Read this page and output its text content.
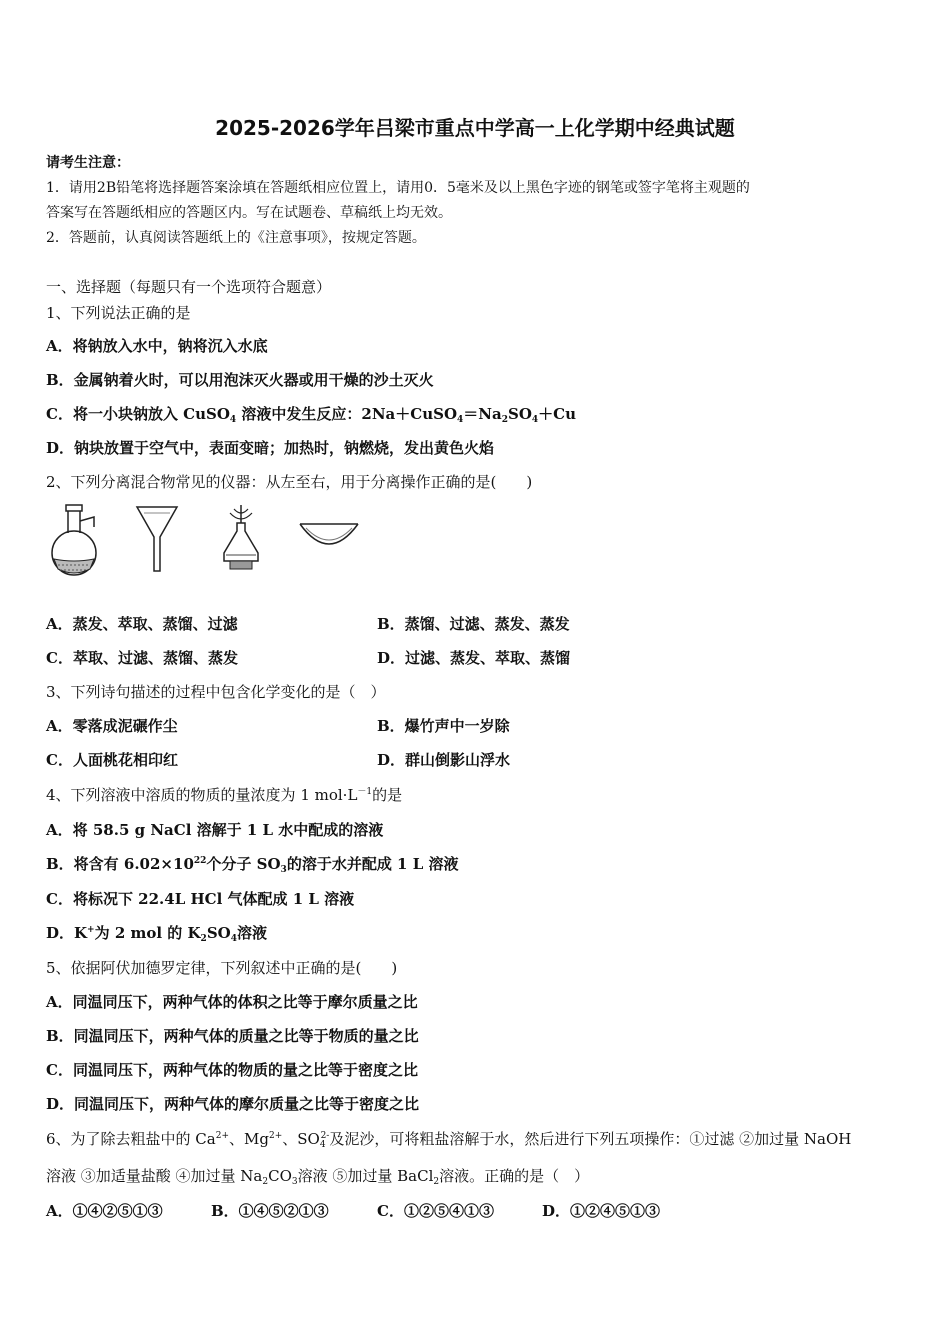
2025-2026学年吕梁市重点中学高一上化学期中经典试题
请考生注意：
1．请用2B铅笔将选择题答案涂填在答题纸相应位置上，请用0．5毫米及以上黑色字迹的钢笔或签字笔将主观题的
答案写在答题纸相应的答题区内。写在试题卷、草稿纸上均无效。
2．答题前，认真阅读答题纸上的《注意事项》，按规定答题。
一、选择题（每题只有一个选项符合题意）
1、下列说法正确的是
A．将钠放入水中，钠将沉入水底
B．金属钠着火时，可以用泡沫灭火器或用干燥的沙土灭火
C．将一小块钠放入 CuSO$_4$ 溶液中发生反应：$2Na+CuSO_4=Na_2SO_4+Cu$
D．钠块放置于空气中，表面变暗；加热时，钠燃烧，发出黄色火焰
2、下列分离混合物常见的仪器：从左至右，用于分离操作正确的是(　　)
A．蒸发、萃取、蒸馏、过滤	B．蒸馏、过滤、蒸发、蒸发
C．萃取、过滤、蒸馏、蒸发	D．过滤、蒸发、萃取、蒸馏
3、下列诗句描述的过程中包含化学变化的是（　）
A．零落成泥碾作尘	B．爆竹声中一岁除
C．人面桃花相印红	D．群山倒影山浮水
4、下列溶液中溶质的物质的量浓度为 1 $mol\cdot L^{-1}$的是
A．将 58.5 g NaCl 溶解于 1 L 水中配成的溶液
B．将含有 $6.02\times 10^{22}$个分子 $SO_3$的溶于水并配成 1 L 溶液
C．将标况下 22.4L HCl 气体配成 1 L 溶液
D．K+为 2 mol 的 $K_2SO_4$溶液
5、依据阿伏加德罗定律，下列叙述中正确的是(　　)
A．同温同压下，两种气体的体积之比等于摩尔质量之比
B．同温同压下，两种气体的质量之比等于物质的量之比
C．同温同压下，两种气体的物质的量之比等于密度之比
D．同温同压下，两种气体的摩尔质量之比等于密度之比
6、为了除去粗盐中的 $Ca^{2+}$、$Mg^{2+}$、$SO_4^{2-}$及泥沙，可将粗盐溶解于水，然后进行下列五项操作：①过滤 ②加过量 NaOH
溶液 ③加适量盐酸 ④加过量 $Na_2CO_3$溶液 ⑤加过量 BaCl$_2$溶液。正确的是（　）
A．①④②⑤①③	B．①④⑤②①③	C．①②⑤④①③	D．①②④⑤①③
